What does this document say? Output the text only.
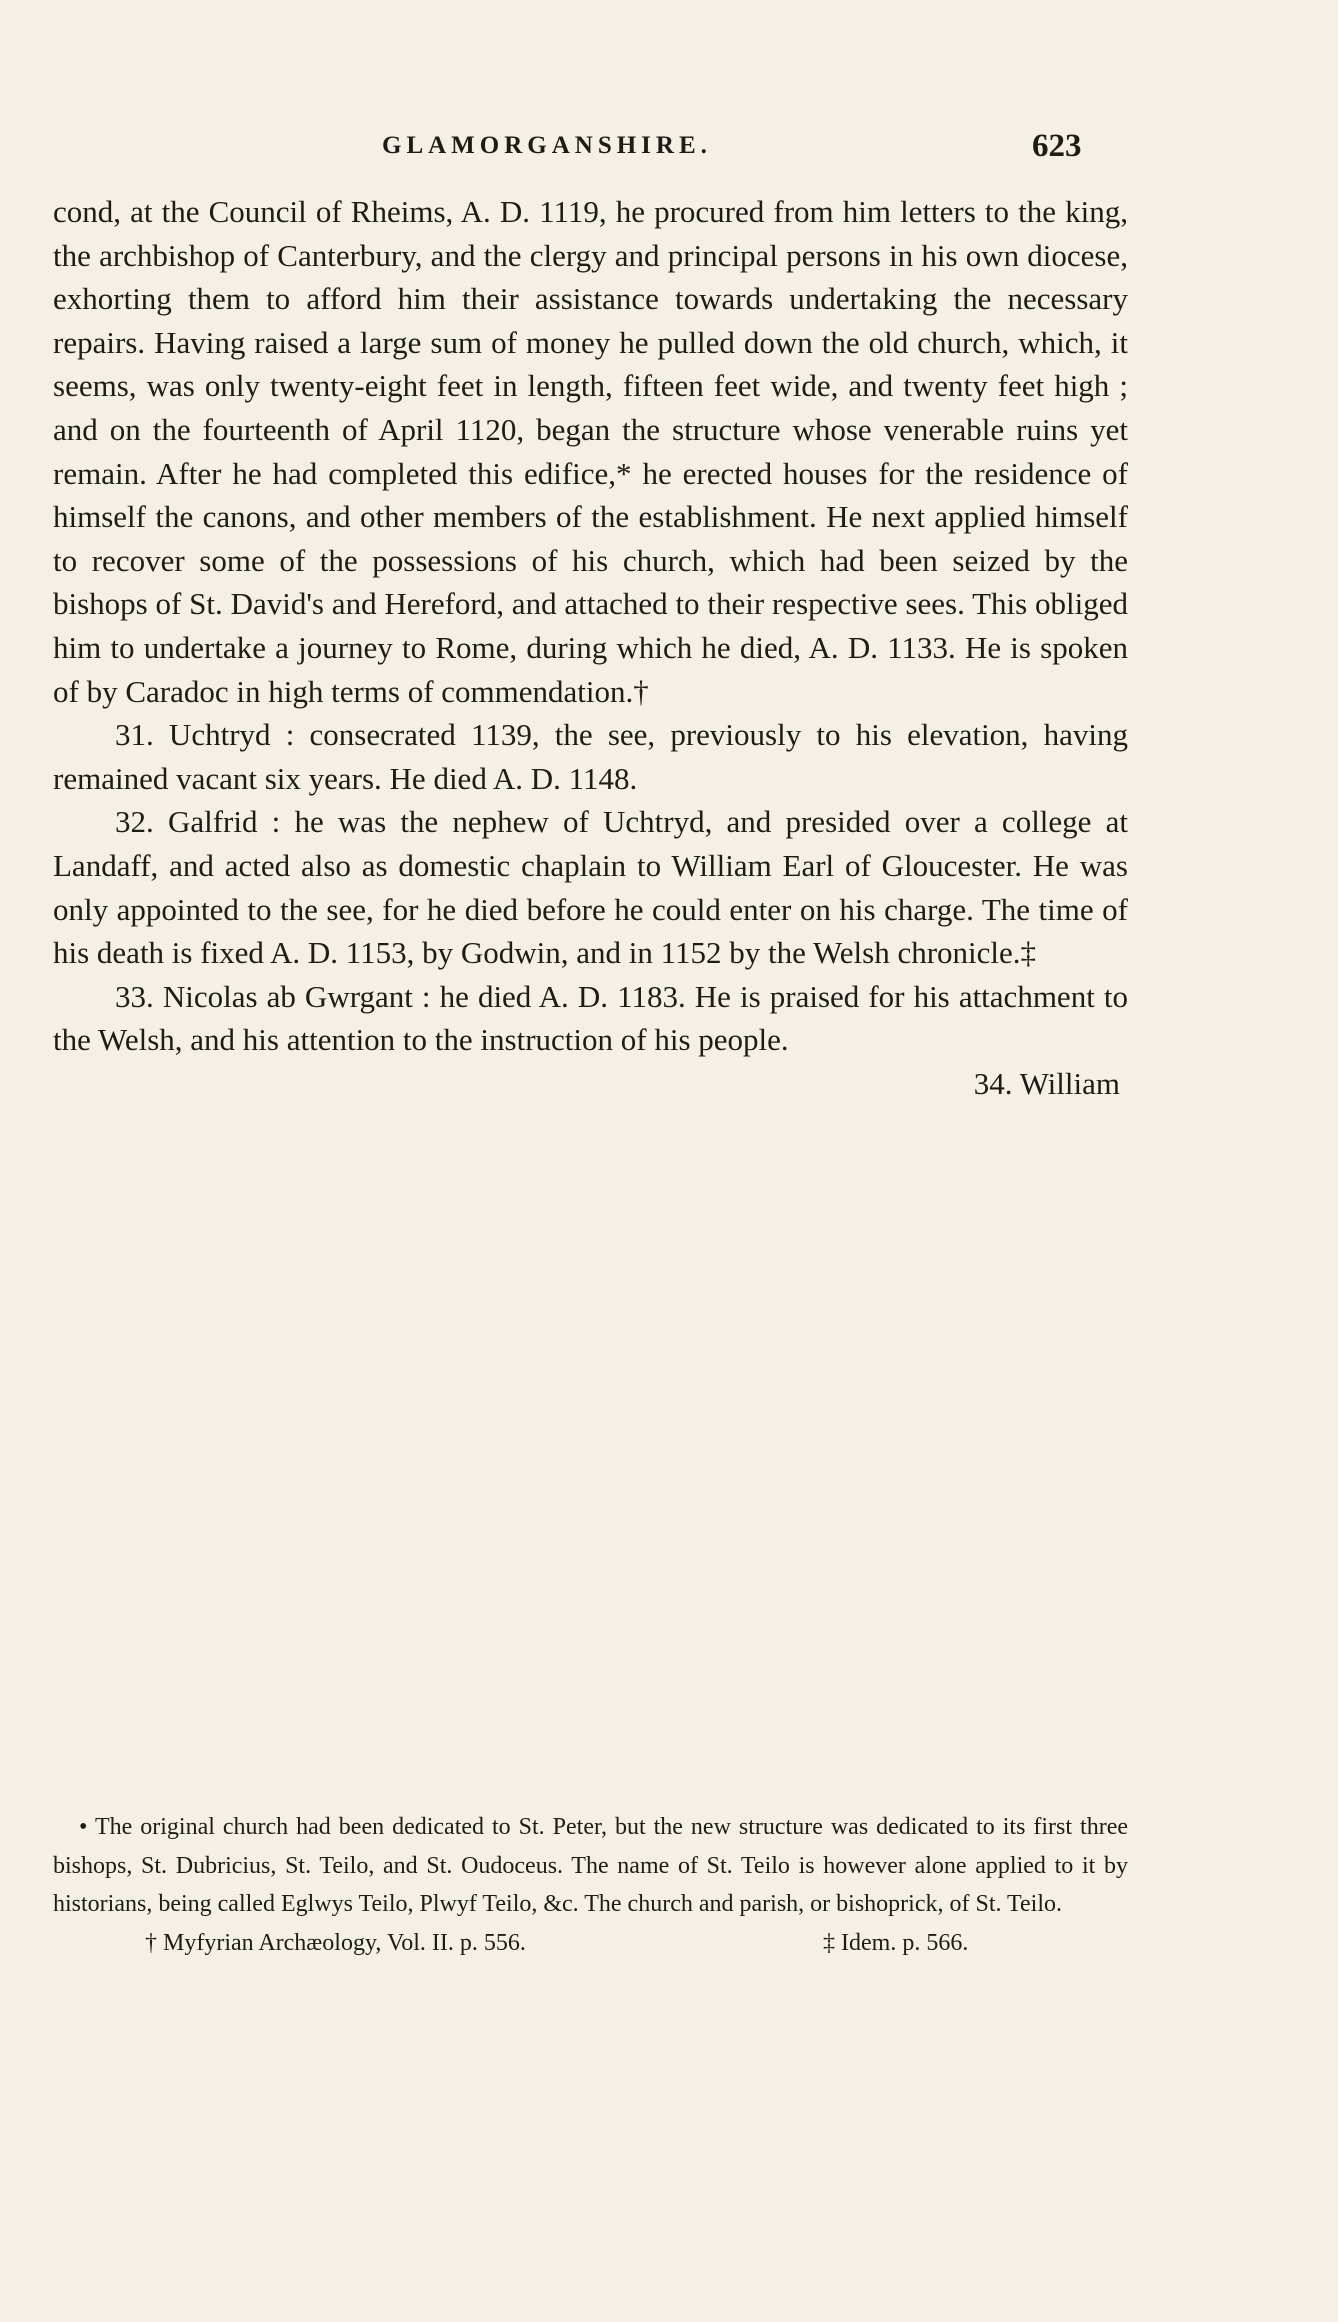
GLAMORGANSHIRE.	623

cond, at the Council of Rheims, A. D. 1119, he procured from him letters to the king, the archbishop of Canterbury, and the clergy and principal persons in his own diocese, exhorting them to afford him their assistance towards undertaking the necessary repairs. Having raised a large sum of money he pulled down the old church, which, it seems, was only twenty-eight feet in length, fifteen feet wide, and twenty feet high ; and on the fourteenth of April 1120, began the structure whose venerable ruins yet remain. After he had completed this edifice,* he erected houses for the residence of himself the canons, and other members of the establishment. He next applied himself to recover some of the possessions of his church, which had been seized by the bishops of St. David's and Hereford, and attached to their respective sees. This obliged him to undertake a journey to Rome, during which he died, A. D. 1133. He is spoken of by Caradoc in high terms of commendation.†

31. Uchtryd : consecrated 1139, the see, previously to his elevation, having remained vacant six years. He died A. D. 1148.

32. Galfrid : he was the nephew of Uchtryd, and presided over a college at Landaff, and acted also as domestic chaplain to William Earl of Gloucester. He was only appointed to the see, for he died before he could enter on his charge. The time of his death is fixed A. D. 1153, by Godwin, and in 1152 by the Welsh chronicle.‡

33. Nicolas ab Gwrgant : he died A. D. 1183. He is praised for his attachment to the Welsh, and his attention to the instruction of his people.

34. William

• The original church had been dedicated to St. Peter, but the new structure was dedicated to its first three bishops, St. Dubricius, St. Teilo, and St. Oudoceus. The name of St. Teilo is however alone applied to it by historians, being called Eglwys Teilo, Plwyf Teilo, &c. The church and parish, or bishoprick, of St. Teilo.

† Myfyrian Archæology, Vol. II. p. 556.	‡ Idem. p. 566.
